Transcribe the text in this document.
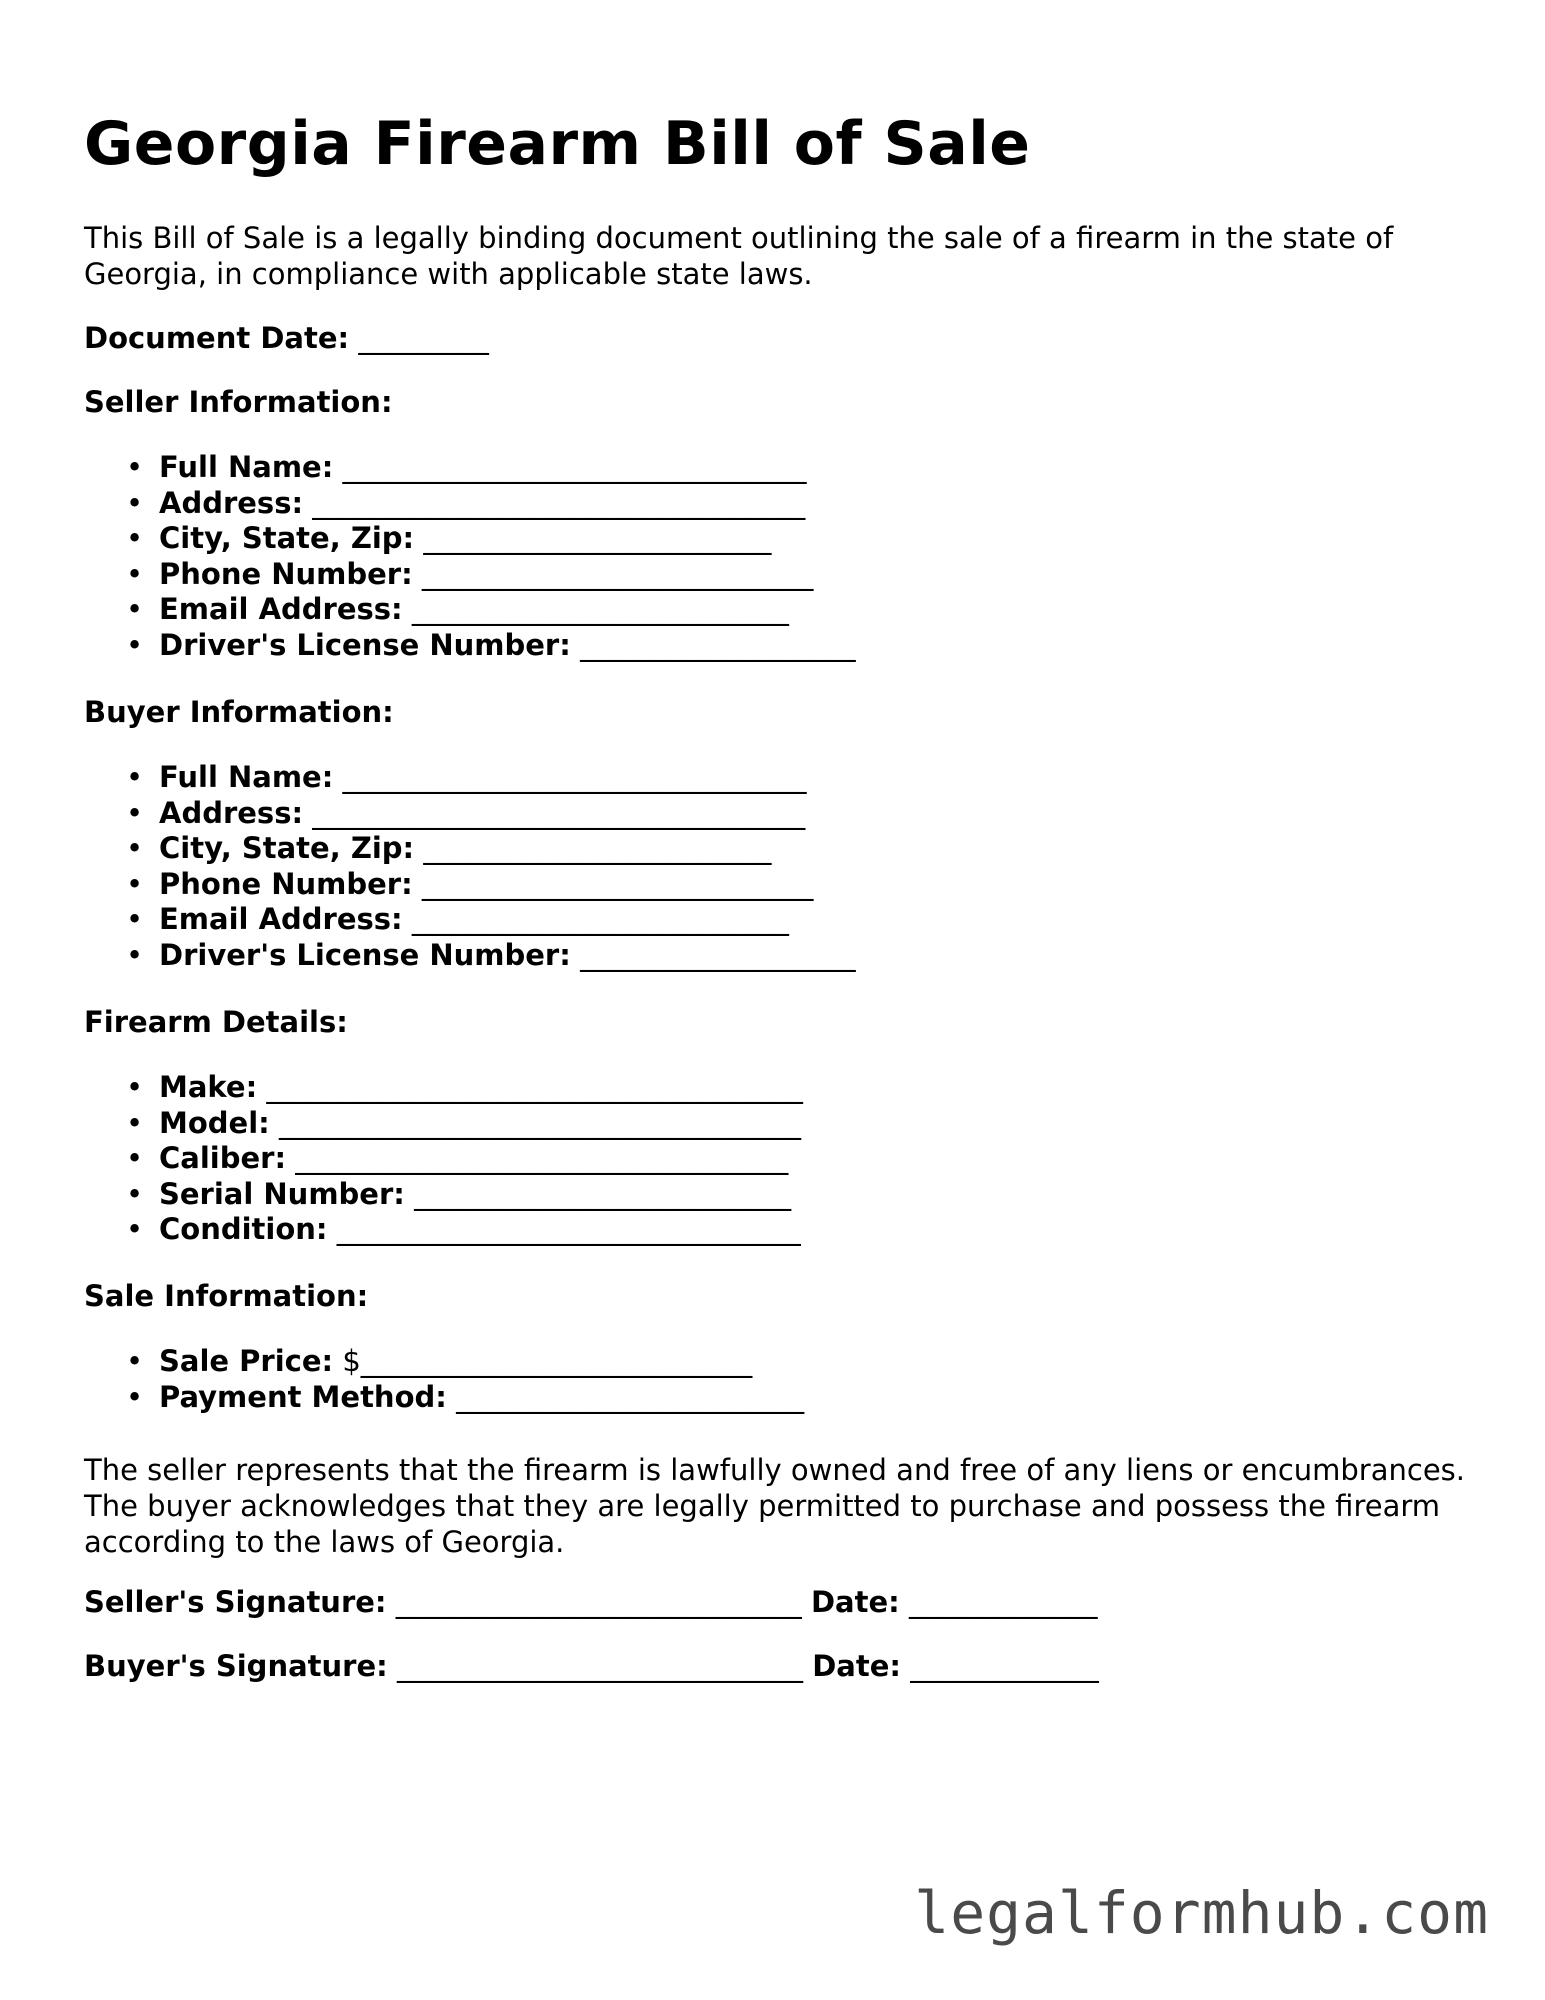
Georgia Firearm Bill of Sale

This Bill of Sale is a legally binding document outlining the sale of a firearm in the state of Georgia, in compliance with applicable state laws.

Document Date: _________

Seller Information:

• Full Name: ________________________________
• Address: __________________________________
• City, State, Zip: ________________________
• Phone Number: ___________________________
• Email Address: __________________________
• Driver's License Number: ___________________

Buyer Information:

• Full Name: ________________________________
• Address: __________________________________
• City, State, Zip: ________________________
• Phone Number: ___________________________
• Email Address: __________________________
• Driver's License Number: ___________________

Firearm Details:

• Make: _____________________________________
• Model: ____________________________________
• Caliber: __________________________________
• Serial Number: __________________________
• Condition: ________________________________

Sale Information:

• Sale Price: $___________________________
• Payment Method: ________________________

The seller represents that the firearm is lawfully owned and free of any liens or encumbrances. The buyer acknowledges that they are legally permitted to purchase and possess the firearm according to the laws of Georgia.

Seller's Signature: ____________________________ Date: _____________

Buyer's Signature: ____________________________ Date: _____________

legalformhub.com
